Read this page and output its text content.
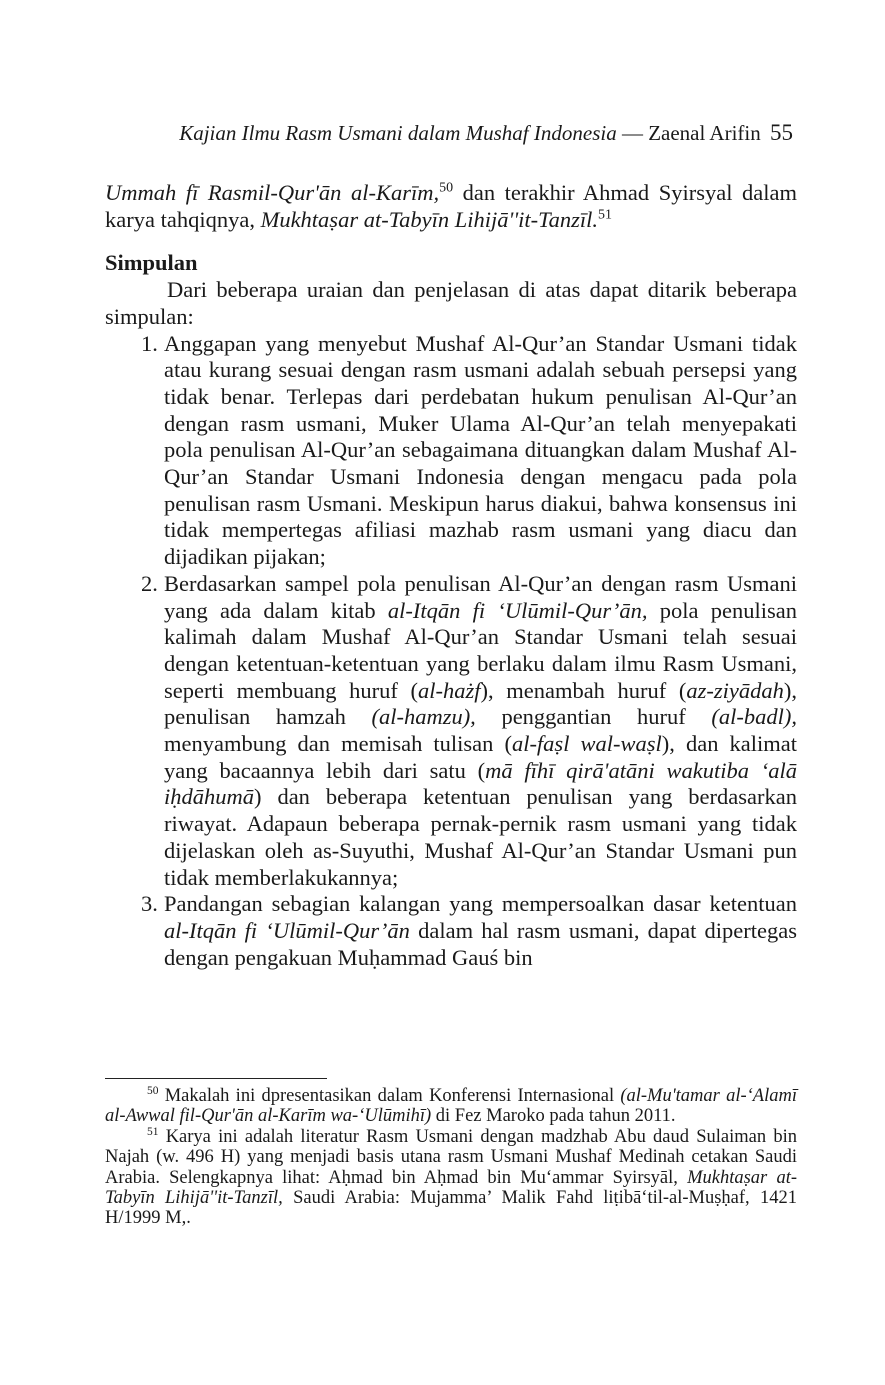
Kajian Ilmu Rasm Usmani dalam Mushaf Indonesia — Zaenal Arifin 55

Ummah fī Rasmil-Qur'ān al-Karīm,$^{50}$ dan terakhir Ahmad Syirsyal dalam karya tahqiqnya, Mukhtaṣar at-Tabyīn Lihijā''it-Tanzīl.$^{51}$

Simpulan

Dari beberapa uraian dan penjelasan di atas dapat ditarik beberapa simpulan:

1. Anggapan yang menyebut Mushaf Al-Qur’an Standar Usmani tidak atau kurang sesuai dengan rasm usmani adalah sebuah persepsi yang tidak benar. Terlepas dari perdebatan hukum penulisan Al-Qur’an dengan rasm usmani, Muker Ulama Al-Qur’an telah menyepakati pola penulisan Al-Qur’an sebagaimana dituangkan dalam Mushaf Al-Qur’an Standar Usmani Indonesia dengan mengacu pada pola penulisan rasm Usmani. Meskipun harus diakui, bahwa konsensus ini tidak mempertegas afiliasi mazhab rasm usmani yang diacu dan dijadikan pijakan;
2. Berdasarkan sampel pola penulisan Al-Qur’an dengan rasm Usmani yang ada dalam kitab al-Itqān fi ‘Ulūmil-Qur’ān, pola penulisan kalimah dalam Mushaf Al-Qur’an Standar Usmani telah sesuai dengan ketentuan-ketentuan yang berlaku dalam ilmu Rasm Usmani, seperti membuang huruf (al-hażf), menambah huruf (az-ziyādah), penulisan hamzah (al-hamzu), penggantian huruf (al-badl), menyambung dan memisah tulisan (al-faṣl wal-waṣl), dan kalimat yang bacaannya lebih dari satu (mā fīhī qirā'atāni wakutiba ‘alā iḥdāhumā) dan beberapa ketentuan penulisan yang berdasarkan riwayat. Adapaun beberapa pernak-pernik rasm usmani yang tidak dijelaskan oleh as-Suyuthi, Mushaf Al-Qur’an Standar Usmani pun tidak memberlakukannya;
3. Pandangan sebagian kalangan yang mempersoalkan dasar ketentuan al-Itqān fi ‘Ulūmil-Qur’ān dalam hal rasm usmani, dapat dipertegas dengan pengakuan Muḥammad Gauś bin

$^{50}$ Makalah ini dpresentasikan dalam Konferensi Internasional (al-Mu'tamar al-‘Alamī al-Awwal fil-Qur'ān al-Karīm wa-‘Ulūmihī) di Fez Maroko pada tahun 2011.

$^{51}$ Karya ini adalah literatur Rasm Usmani dengan madzhab Abu daud Sulaiman bin Najah (w. 496 H) yang menjadi basis utana rasm Usmani Mushaf Medinah cetakan Saudi Arabia. Selengkapnya lihat: Aḥmad bin Aḥmad bin Mu‘ammar Syirsyāl, Mukhtaṣar at-Tabyīn Lihijā''it-Tanzīl, Saudi Arabia: Mujamma’ Malik Fahd liṭibā‘til-al-Muṣḥaf, 1421 H/1999 M,.
